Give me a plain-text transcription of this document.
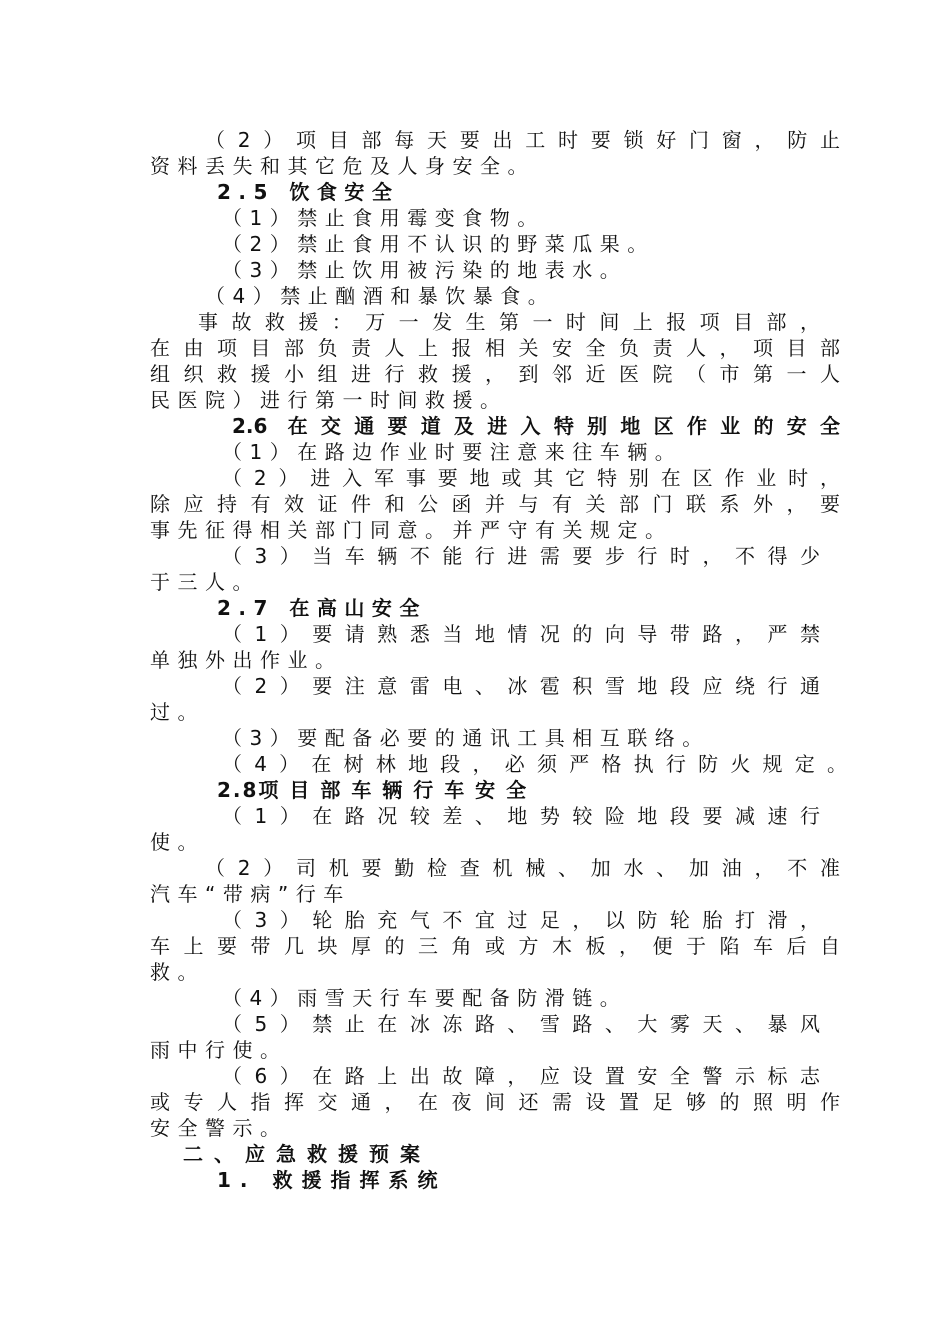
（2）项目部每天要出工时要锁好门窗，防止
资料丢失和其它危及人身安全。
2.5 饮食安全
（1）禁止食用霉变食物。
（2）禁止食用不认识的野菜瓜果。
（3）禁止饮用被污染的地表水。
（4）禁止酗酒和暴饮暴食。
事故救援：万一发生第一时间上报项目部，
在由项目部负责人上报相关安全负责人，项目部
组织救援小组进行救援，到邻近医院（市第一人
民医院）进行第一时间救援。
2.6 在交通要道及进入特别地区作业的安全
（1）在路边作业时要注意来往车辆。
（2）进入军事要地或其它特别在区作业时，
除应持有效证件和公函并与有关部门联系外，要
事先征得相关部门同意。并严守有关规定。
（3）当车辆不能行进需要步行时，不得少
于三人。
2.7 在高山安全
（1）要请熟悉当地情况的向导带路，严禁
单独外出作业。
（2）要注意雷电、冰雹积雪地段应绕行通
过。
（3）要配备必要的通讯工具相互联络。
（4）在树林地段，必须严格执行防火规定。
2.8项 目 部 车 辆 行 车 安 全
（1）在路况较差、地势较险地段要减速行
使。
（2）司机要勤检查机械、加水、加油，不准
汽车“带病”行车
（3）轮胎充气不宜过足，以防轮胎打滑，
车上要带几块厚的三角或方木板，便于陷车后自
救。
（4）雨雪天行车要配备防滑链。
（5）禁止在冰冻路、雪路、大雾天、暴风
雨中行使。
（6）在路上出故障，应设置安全警示标志
或专人指挥交通，在夜间还需设置足够的照明作
安全警示。
二、应急救援预案
1. 救援指挥系统
